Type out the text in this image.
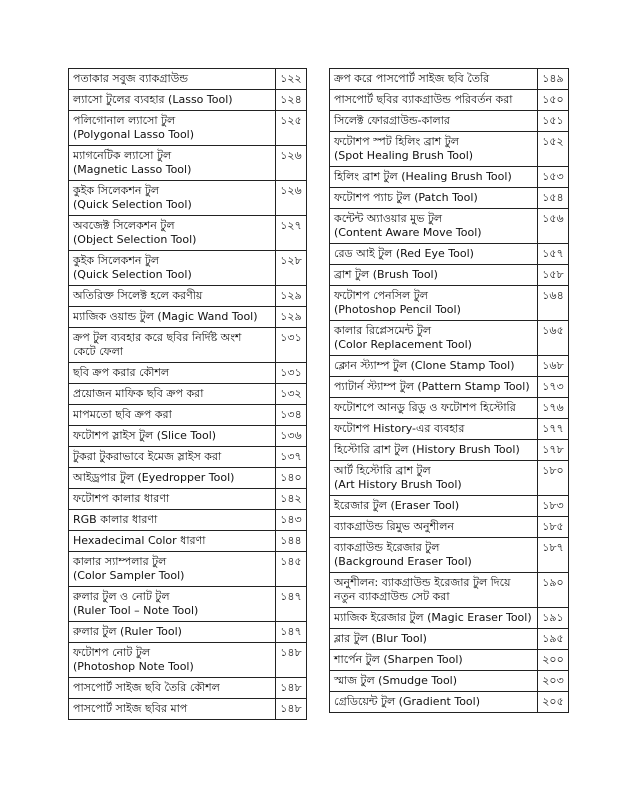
পতাকার সবুজ ব্যাকগ্রাউন্ড	১২২
ল্যাসো টুলের ব্যবহার (Lasso Tool)	১২৪
পলিগোনাল ল্যাসো টুল
(Polygonal Lasso Tool)	১২৫
ম্যাগনেটিক ল্যাসো টুল
(Magnetic Lasso Tool)	১২৬
কুইক সিলেকশন টুল
(Quick Selection Tool)	১২৬
অবজেক্ট সিলেকশন টুল
(Object Selection Tool)	১২৭
কুইক সিলেকশন টুল
(Quick Selection Tool)	১২৮
অতিরিক্ত সিলেক্ট হলে করণীয়	১২৯
ম্যাজিক ওয়ান্ড টুল (Magic Wand Tool)	১২৯
ক্রপ টুল ব্যবহার করে ছবির নির্দিষ্ট অংশ
কেটে ফেলা	১৩১
ছবি ক্রপ করার কৌশল	১৩১
প্রয়োজন মাফিক ছবি ক্রপ করা	১৩২
মাপমতো ছবি ক্রপ করা	১৩৪
ফটোশপ স্লাইস টুল (Slice Tool)	১৩৬
টুকরা টুকরাভাবে ইমেজ স্লাইস করা	১৩৭
আইড্রপার টুল (Eyedropper Tool)	১৪০
ফটোশপ কালার ধারণা	১৪২
RGB কালার ধারণা	১৪৩
Hexadecimal Color ধারণা	১৪৪
কালার স্যাম্পলার টুল
(Color Sampler Tool)	১৪৫
রুলার টুল ও নোট টুল
(Ruler Tool – Note Tool)	১৪৭
রুলার টুল (Ruler Tool)	১৪৭
ফটোশপ নোট টুল
(Photoshop Note Tool)	১৪৮
পাসপোর্ট সাইজ ছবি তৈরি কৌশল	১৪৮
পাসপোর্ট সাইজ ছবির মাপ	১৪৮
ক্রপ করে পাসপোর্ট সাইজ ছবি তৈরি	১৪৯
পাসপোর্ট ছবির ব্যাকগ্রাউন্ড পরিবর্তন করা	১৫০
সিলেক্ট ফোরগ্রাউন্ড-কালার	১৫১
ফটোশপ স্পট হিলিং ব্রাশ টুল
(Spot Healing Brush Tool)	১৫২
হিলিং ব্রাশ টুল (Healing Brush Tool)	১৫৩
ফটোশপ প্যাচ টুল (Patch Tool)	১৫৪
কন্টেন্ট অ্যাওয়ার মুভ টুল
(Content Aware Move Tool)	১৫৬
রেড আই টুল (Red Eye Tool)	১৫৭
ব্রাশ টুল (Brush Tool)	১৫৮
ফটোশপ পেনসিল টুল
(Photoshop Pencil Tool)	১৬৪
কালার রিপ্লেসমেন্ট টুল
(Color Replacement Tool)	১৬৫
ক্লোন স্ট্যাম্প টুল (Clone Stamp Tool)	১৬৮
প্যাটার্ন স্ট্যাম্প টুল (Pattern Stamp Tool)	১৭৩
ফটোশপে আনডু রিডু ও ফটোশপ হিস্টোরি	১৭৬
ফটোশপ History-এর ব্যবহার	১৭৭
হিস্টোরি ব্রাশ টুল (History Brush Tool)	১৭৮
আর্ট হিস্টোরি ব্রাশ টুল
(Art History Brush Tool)	১৮০
ইরেজার টুল (Eraser Tool)	১৮৩
ব্যাকগ্রাউন্ড রিমুভ অনুশীলন	১৮৫
ব্যাকগ্রাউন্ড ইরেজার টুল
(Background Eraser Tool)	১৮৭
অনুশীলন: ব্যাকগ্রাউন্ড ইরেজার টুল দিয়ে
নতুন ব্যাকগ্রাউন্ড সেট করা	১৯০
ম্যাজিক ইরেজার টুল (Magic Eraser Tool)	১৯১
ব্লার টুল (Blur Tool)	১৯৫
শার্পেন টুল (Sharpen Tool)	২০০
স্মাজ টুল (Smudge Tool)	২০৩
গ্রেডিয়েন্ট টুল (Gradient Tool)	২০৫
